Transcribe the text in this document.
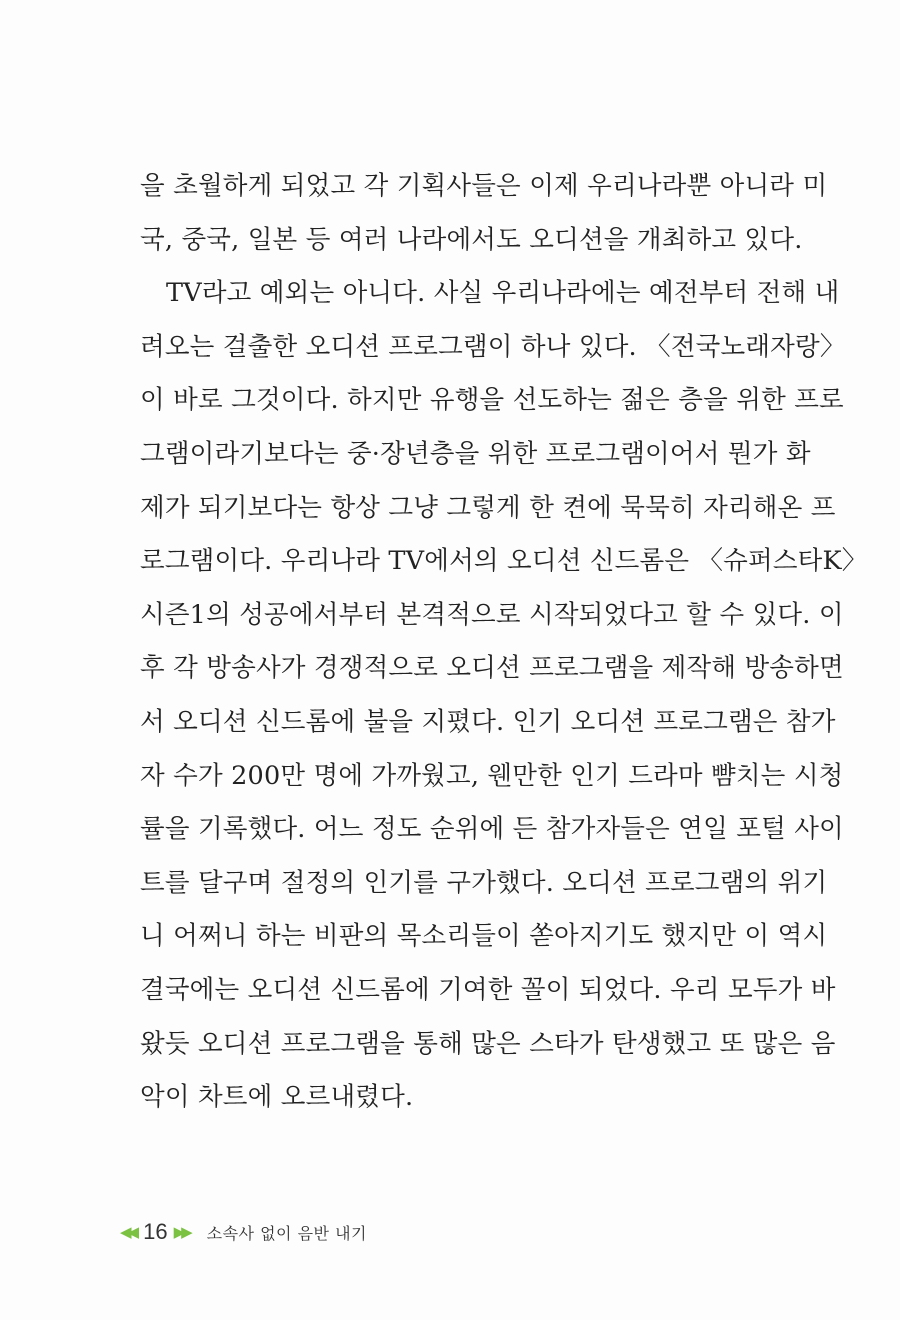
을 초월하게 되었고 각 기획사들은 이제 우리나라뿐 아니라 미
국, 중국, 일본 등 여러 나라에서도 오디션을 개최하고 있다.
TV라고 예외는 아니다. 사실 우리나라에는 예전부터 전해 내
려오는 걸출한 오디션 프로그램이 하나 있다. 〈전국노래자랑〉
이 바로 그것이다. 하지만 유행을 선도하는 젊은 층을 위한 프로
그램이라기보다는 중·장년층을 위한 프로그램이어서 뭔가 화
제가 되기보다는 항상 그냥 그렇게 한 켠에 묵묵히 자리해온 프
로그램이다. 우리나라 TV에서의 오디션 신드롬은 〈슈퍼스타K〉
시즌1의 성공에서부터 본격적으로 시작되었다고 할 수 있다. 이
후 각 방송사가 경쟁적으로 오디션 프로그램을 제작해 방송하면
서 오디션 신드롬에 불을 지폈다. 인기 오디션 프로그램은 참가
자 수가 200만 명에 가까웠고, 웬만한 인기 드라마 뺨치는 시청
률을 기록했다. 어느 정도 순위에 든 참가자들은 연일 포털 사이
트를 달구며 절정의 인기를 구가했다. 오디션 프로그램의 위기
니 어쩌니 하는 비판의 목소리들이 쏟아지기도 했지만 이 역시
결국에는 오디션 신드롬에 기여한 꼴이 되었다. 우리 모두가 바
왔듯 오디션 프로그램을 통해 많은 스타가 탄생했고 또 많은 음
악이 차트에 오르내렸다.
◀◀ 16 ▶▶ 소속사 없이 음반 내기
